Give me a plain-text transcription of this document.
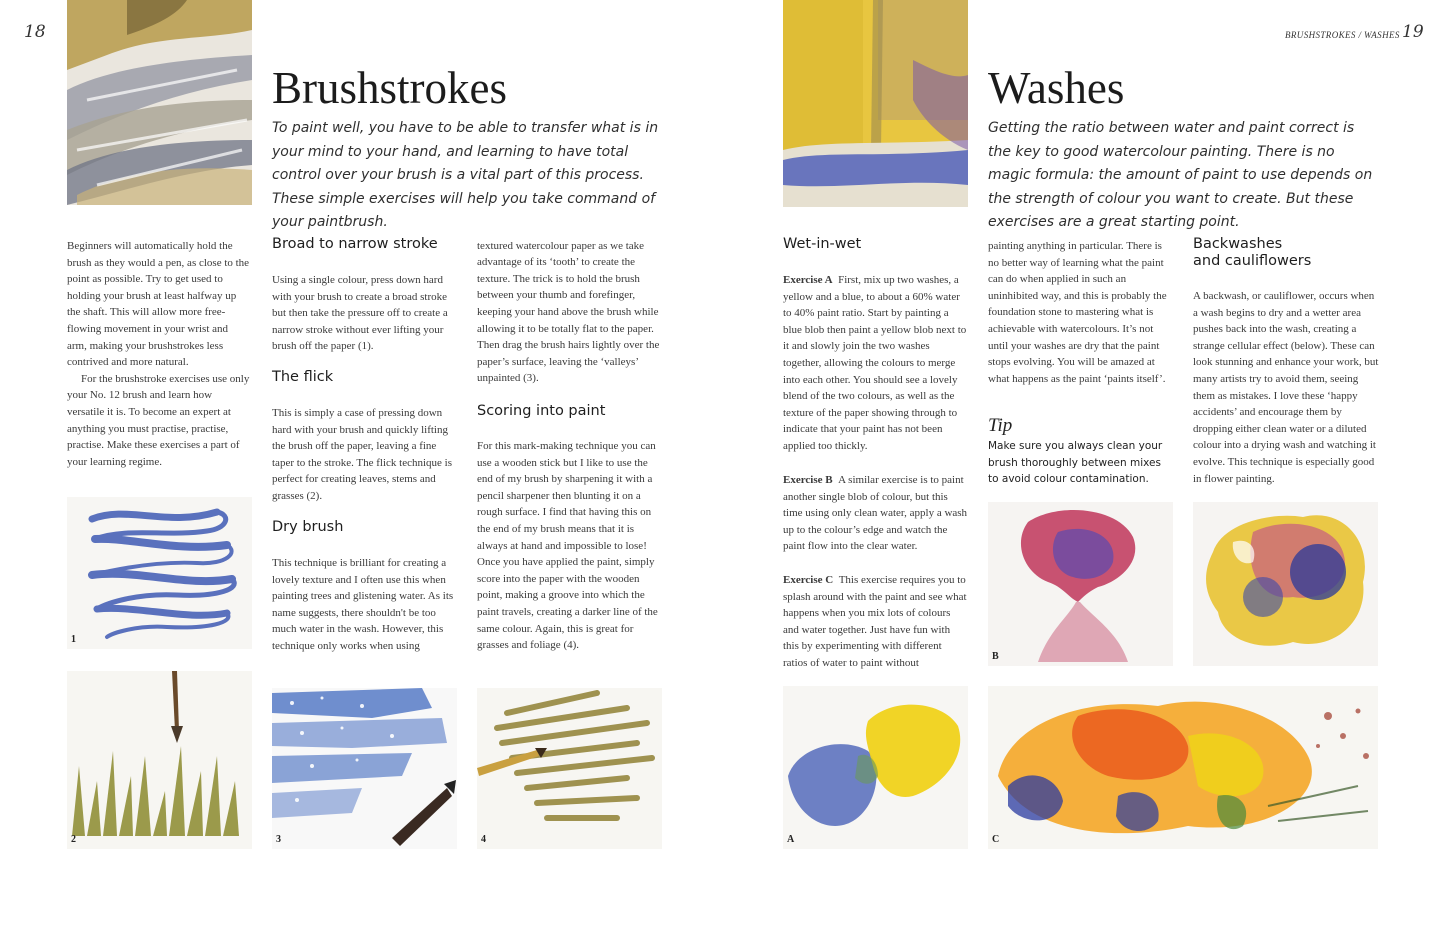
18
Brushstrokes
To paint well, you have to be able to transfer what is in your mind to your hand, and learning to have total control over your brush is a vital part of this process. These simple exercises will help you take command of your paintbrush.

Beginners will automatically hold the brush as they would a pen, as close to the point as possible. Try to get used to holding your brush at least halfway up the shaft. This will allow more free-flowing movement in your wrist and arm, making your brushstrokes less contrived and more natural.

For the brushstroke exercises use only your No. 12 brush and learn how versatile it is. To become an expert at anything you must practise, practise, practise. Make these exercises a part of your learning regime.

Broad to narrow stroke
Using a single colour, press down hard with your brush to create a broad stroke but then take the pressure off to create a narrow stroke without ever lifting your brush off the paper (1).
The flick
This is simply a case of pressing down hard with your brush and quickly lifting the brush off the paper, leaving a fine taper to the stroke. The flick technique is perfect for creating leaves, stems and grasses (2).
Dry brush
This technique is brilliant for creating a lovely texture and I often use this when painting trees and glistening water. As its name suggests, there shouldn't be too much water in the wash. However, this technique only works when using
textured watercolour paper as we take advantage of its ‘tooth’ to create the texture. The trick is to hold the brush between your thumb and forefinger, keeping your hand above the brush while allowing it to be totally flat to the paper. Then drag the brush hairs lightly over the paper’s surface, leaving the ‘valleys’ unpainted (3).
Scoring into paint
For this mark-making technique you can use a wooden stick but I like to use the end of my brush by sharpening it with a pencil sharpener then blunting it on a rough surface. I find that having this on the end of my brush means that it is always at hand and impossible to lose! Once you have applied the paint, simply score into the paper with the wooden point, making a groove into which the paint travels, creating a darker line of the same colour. Again, this is great for grasses and foliage (4).
1
2	3	4
BRUSHSTROKES / WASHES 19
Washes
Getting the ratio between water and paint correct is the key to good watercolour painting. There is no magic formula: the amount of paint to use depends on the strength of colour you want to create. But these exercises are a great starting point.
Wet-in-wet
Exercise A First, mix up two washes, a yellow and a blue, to about a 60% water to 40% paint ratio. Start by painting a blue blob then paint a yellow blob next to it and slowly join the two washes together, allowing the colours to merge into each other. You should see a lovely blend of the two colours, as well as the texture of the paper showing through to indicate that your paint has not been applied too thickly.
Exercise B A similar exercise is to paint another single blob of colour, but this time using only clean water, apply a wash up to the colour’s edge and watch the paint flow into the clear water.
Exercise C This exercise requires you to splash around with the paint and see what happens when you mix lots of colours and water together. Just have fun with this by experimenting with different ratios of water to paint without
painting anything in particular. There is no better way of learning what the paint can do when applied in such an uninhibited way, and this is probably the foundation stone to mastering what is achievable with watercolours. It’s not until your washes are dry that the paint stops evolving. You will be amazed at what happens as the paint ‘paints itself’.
Tip
Make sure you always clean your brush thoroughly between mixes to avoid colour contamination.
Backwashes
and cauliflowers
A backwash, or cauliflower, occurs when a wash begins to dry and a wetter area pushes back into the wash, creating a strange cellular effect (below). These can look stunning and enhance your work, but many artists try to avoid them, seeing them as mistakes. I love these ‘happy accidents’ and encourage them by dropping either clean water or a diluted colour into a drying wash and watching it evolve. This technique is especially good in flower painting.
B
A	C
